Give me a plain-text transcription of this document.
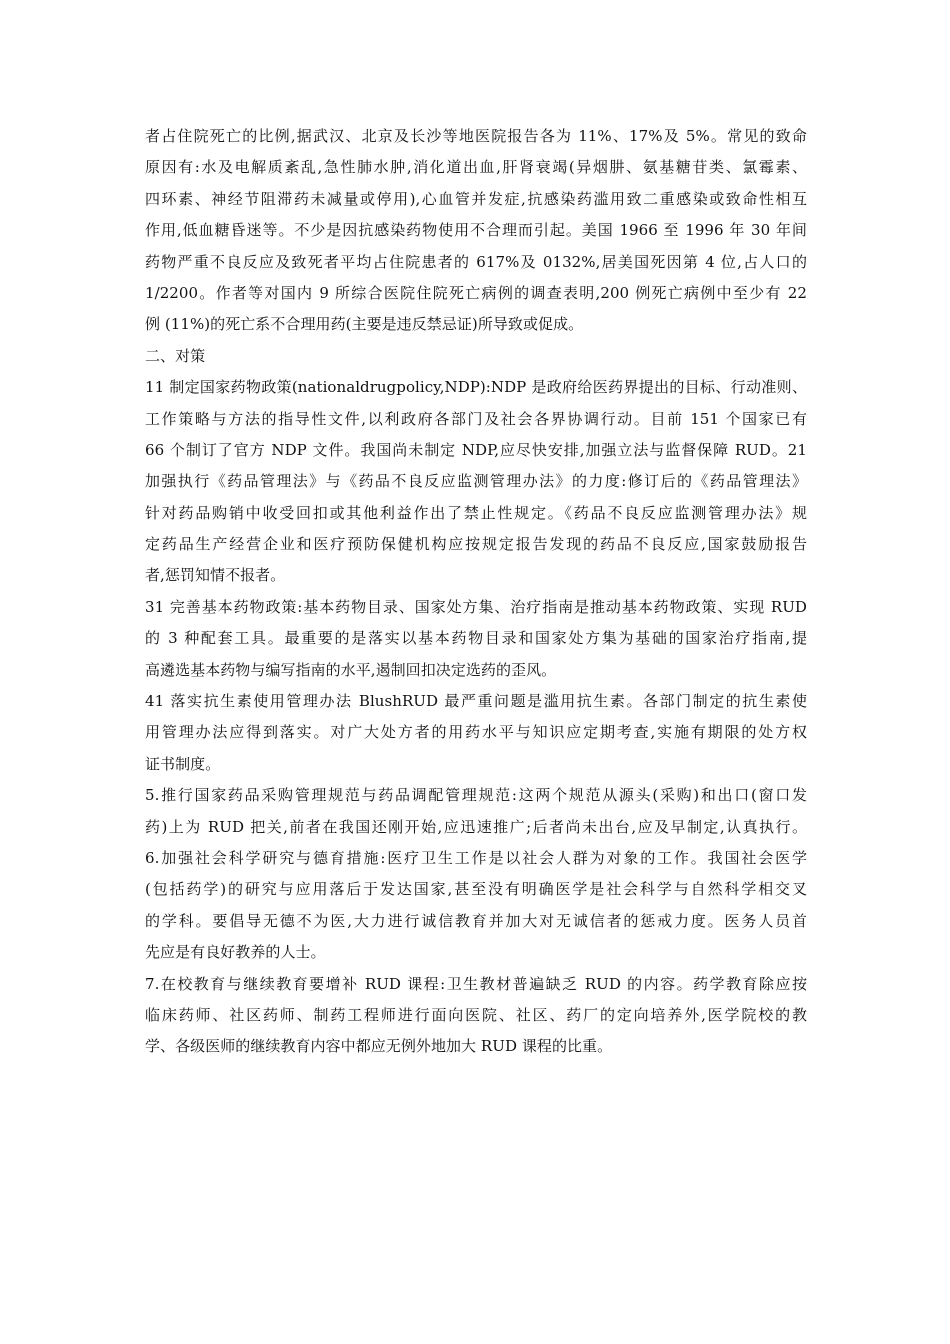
者占住院死亡的比例,据武汉、北京及长沙等地医院报告各为 11%、17%及 5%。常见的致命
原因有:水及电解质紊乱,急性肺水肿,消化道出血,肝肾衰竭(异烟肼、氨基糖苷类、氯霉素、
四环素、神经节阻滞药未减量或停用),心血管并发症,抗感染药滥用致二重感染或致命性相互
作用,低血糖昏迷等。不少是因抗感染药物使用不合理而引起。美国 1966 至 1996 年 30 年间
药物严重不良反应及致死者平均占住院患者的 617%及 0132%,居美国死因第 4 位,占人口的
1/2200。作者等对国内 9 所综合医院住院死亡病例的调查表明,200 例死亡病例中至少有 22
例 (11%)的死亡系不合理用药(主要是违反禁忌证)所导致或促成。
二、对策
11 制定国家药物政策(nationaldrugpolicy,NDP):NDP 是政府给医药界提出的目标、行动准则、
工作策略与方法的指导性文件,以利政府各部门及社会各界协调行动。目前 151 个国家已有
66 个制订了官方 NDP 文件。我国尚未制定 NDP,应尽快安排,加强立法与监督保障 RUD。21
加强执行《药品管理法》与《药品不良反应监测管理办法》的力度:修订后的《药品管理法》
针对药品购销中收受回扣或其他利益作出了禁止性规定。《药品不良反应监测管理办法》规
定药品生产经营企业和医疗预防保健机构应按规定报告发现的药品不良反应,国家鼓励报告
者,惩罚知情不报者。
31 完善基本药物政策:基本药物目录、国家处方集、治疗指南是推动基本药物政策、实现 RUD
的 3 种配套工具。最重要的是落实以基本药物目录和国家处方集为基础的国家治疗指南,提
高遴选基本药物与编写指南的水平,遏制回扣决定选药的歪风。
41 落实抗生素使用管理办法 BlushRUD 最严重问题是滥用抗生素。各部门制定的抗生素使
用管理办法应得到落实。对广大处方者的用药水平与知识应定期考查,实施有期限的处方权
证书制度。
5.推行国家药品采购管理规范与药品调配管理规范:这两个规范从源头(采购)和出口(窗口发
药)上为 RUD 把关,前者在我国还刚开始,应迅速推广;后者尚未出台,应及早制定,认真执行。
6.加强社会科学研究与德育措施:医疗卫生工作是以社会人群为对象的工作。我国社会医学
(包括药学)的研究与应用落后于发达国家,甚至没有明确医学是社会科学与自然科学相交叉
的学科。要倡导无德不为医,大力进行诚信教育并加大对无诚信者的惩戒力度。医务人员首
先应是有良好教养的人士。
7.在校教育与继续教育要增补 RUD 课程:卫生教材普遍缺乏 RUD 的内容。药学教育除应按
临床药师、社区药师、制药工程师进行面向医院、社区、药厂的定向培养外,医学院校的教
学、各级医师的继续教育内容中都应无例外地加大 RUD 课程的比重。
